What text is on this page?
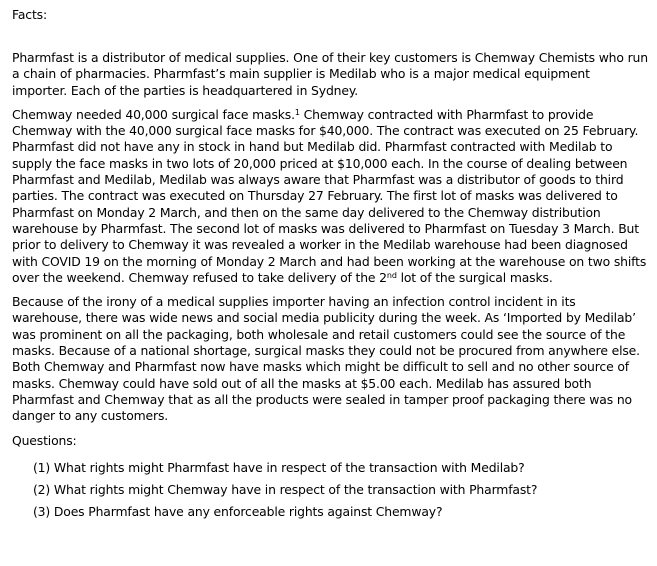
Facts:

Pharmfast is a distributor of medical supplies. One of their key customers is Chemway Chemists who run a chain of pharmacies. Pharmfast’s main supplier is Medilab who is a major medical equipment importer. Each of the parties is headquartered in Sydney.

Chemway needed 40,000 surgical face masks.$^1$ Chemway contracted with Pharmfast to provide Chemway with the 40,000 surgical face masks for $40,000. The contract was executed on 25 February. Pharmfast did not have any in stock in hand but Medilab did. Pharmfast contracted with Medilab to supply the face masks in two lots of 20,000 priced at $10,000 each. In the course of dealing between Pharmfast and Medilab, Medilab was always aware that Pharmfast was a distributor of goods to third parties. The contract was executed on Thursday 27 February. The first lot of masks was delivered to Pharmfast on Monday 2 March, and then on the same day delivered to the Chemway distribution warehouse by Pharmfast. The second lot of masks was delivered to Pharmfast on Tuesday 3 March. But prior to delivery to Chemway it was revealed a worker in the Medilab warehouse had been diagnosed with COVID 19 on the morning of Monday 2 March and had been working at the warehouse on two shifts over the weekend. Chemway refused to take delivery of the 2nd lot of the surgical masks.

Because of the irony of a medical supplies importer having an infection control incident in its warehouse, there was wide news and social media publicity during the week. As ‘Imported by Medilab’ was prominent on all the packaging, both wholesale and retail customers could see the source of the masks. Because of a national shortage, surgical masks they could not be procured from anywhere else. Both Chemway and Pharmfast now have masks which might be difficult to sell and no other source of masks. Chemway could have sold out of all the masks at $5.00 each. Medilab has assured both Pharmfast and Chemway that as all the products were sealed in tamper proof packaging there was no danger to any customers.

Questions:

(1) What rights might Pharmfast have in respect of the transaction with Medilab?
(2) What rights might Chemway have in respect of the transaction with Pharmfast?
(3) Does Pharmfast have any enforceable rights against Chemway?
